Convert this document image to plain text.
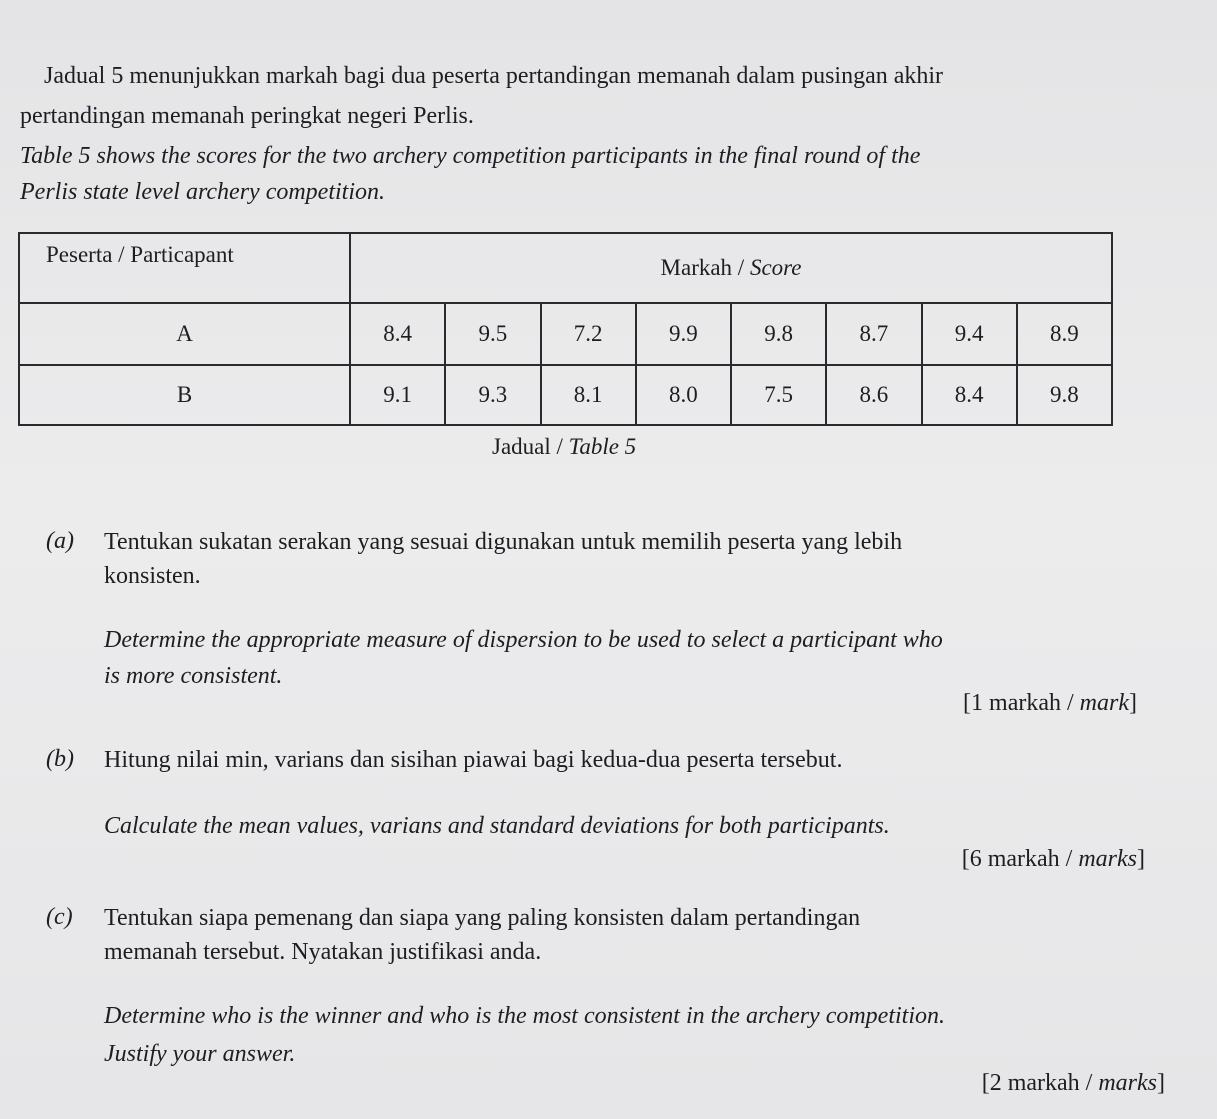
Jadual 5 menunjukkan markah bagi dua peserta pertandingan memanah dalam pusingan akhir
pertandingan memanah peringkat negeri Perlis.
Table 5 shows the scores for the two archery competition participants in the final round of the
Perlis state level archery competition.
Peserta / Particapant	Markah / Score							
A	8.4	9.5	7.2	9.9	9.8	8.7	9.4	8.9
B	9.1	9.3	8.1	8.0	7.5	8.6	8.4	9.8
Jadual / Table 5
(a) Tentukan sukatan serakan yang sesuai digunakan untuk memilih peserta yang lebih
konsisten.
Determine the appropriate measure of dispersion to be used to select a participant who
is more consistent.
[1 markah / mark]
(b) Hitung nilai min, varians dan sisihan piawai bagi kedua-dua peserta tersebut.
Calculate the mean values, varians and standard deviations for both participants.
[6 markah / marks]
(c) Tentukan siapa pemenang dan siapa yang paling konsisten dalam pertandingan
memanah tersebut. Nyatakan justifikasi anda.
Determine who is the winner and who is the most consistent in the archery competition.
Justify your answer.
[2 markah / marks]
